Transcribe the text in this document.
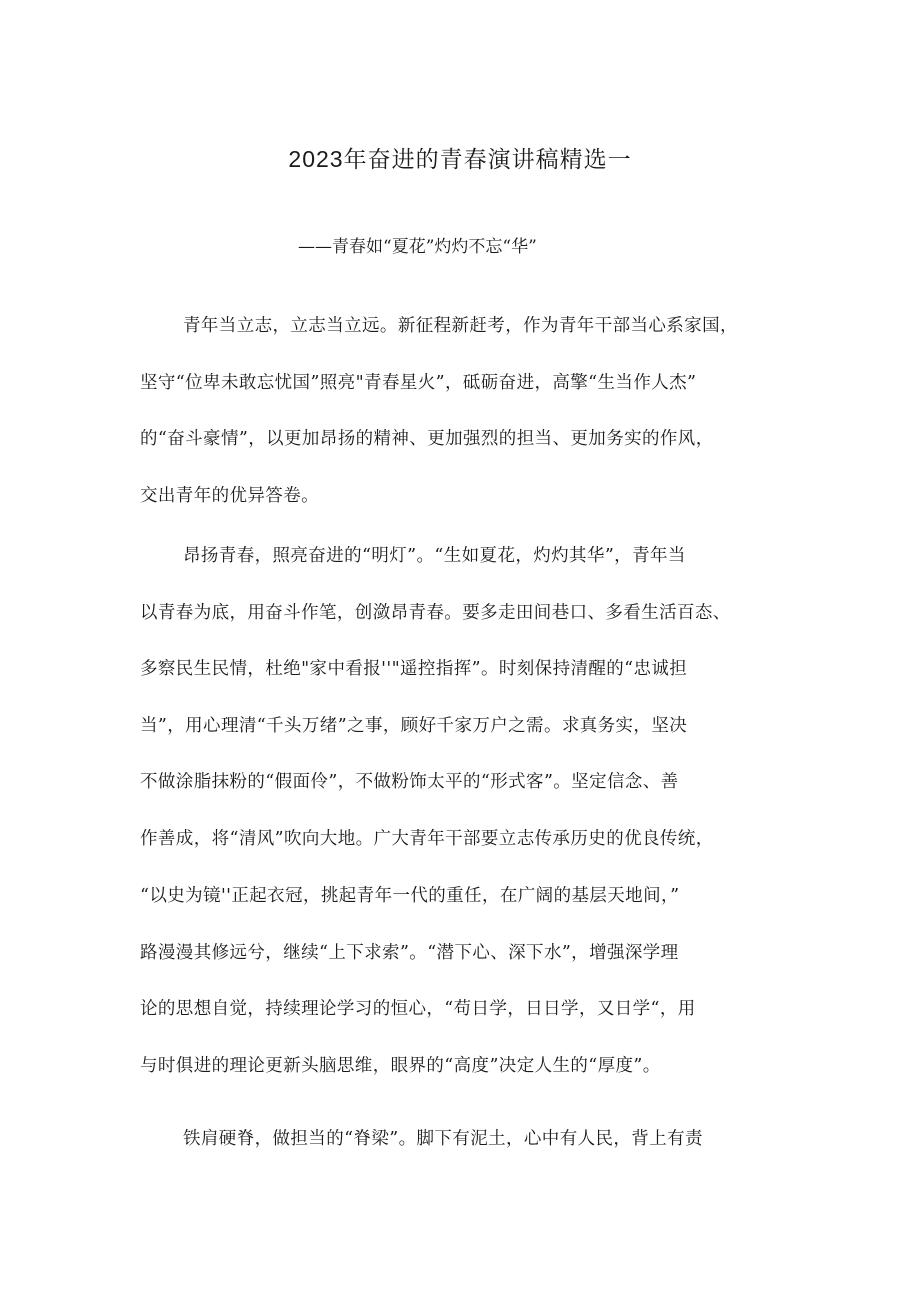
2023年奋进的青春演讲稿精选一
——青春如“夏花”灼灼不忘“华”
青年当立志，立志当立远。新征程新赶考，作为青年干部当心系家国，
坚守“位卑未敢忘忧国”照亮"青春星火”，砥砺奋进，高擎“生当作人杰”
的“奋斗豪情”，以更加昂扬的精神、更加强烈的担当、更加务实的作风，
交出青年的优异答卷。
昂扬青春，照亮奋进的“明灯”。“生如夏花，灼灼其华”，青年当
以青春为底，用奋斗作笔，创潋昂青春。要多走田间巷口、多看生活百态、
多察民生民情，杜绝"家中看报''"遥控指挥”。时刻保持清醒的“忠诚担
当”，用心理清“千头万绪”之事，顾好千家万户之需。求真务实，坚决
不做涂脂抹粉的“假面伶”，不做粉饰太平的“形式客”。坚定信念、善
作善成，将“清风”吹向大地。广大青年干部要立志传承历史的优良传统，
“以史为镜''正起衣冠，挑起青年一代的重任，在广阔的基层天地间，”
路漫漫其修远兮，继续“上下求索”。“潜下心、深下水”，增强深学理
论的思想自觉，持续理论学习的恒心，“苟日学，日日学，又日学“，用
与时俱进的理论更新头脑思维，眼界的“高度”决定人生的“厚度”。
铁肩硬脊，做担当的“脊梁”。脚下有泥土，心中有人民，背上有责
